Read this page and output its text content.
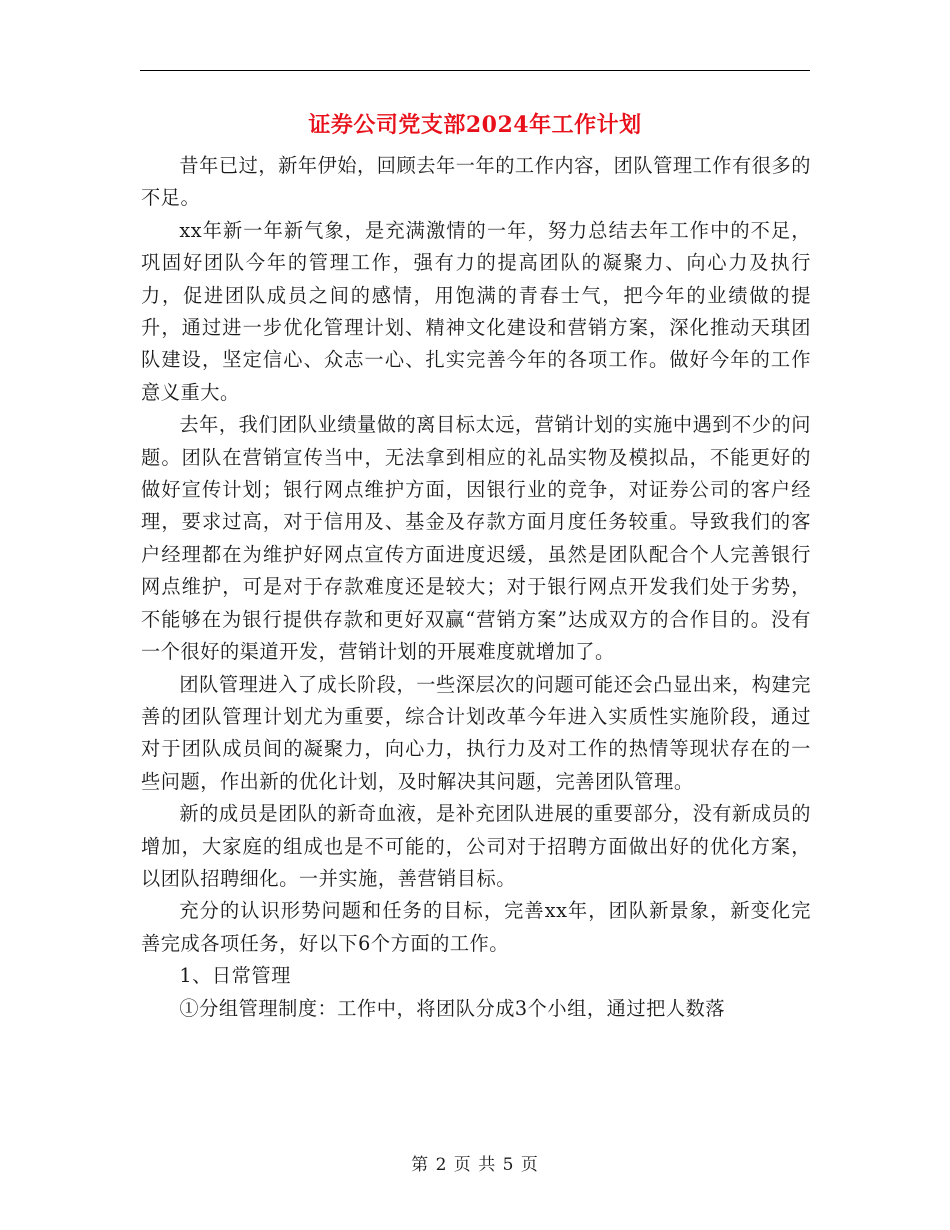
证券公司党支部2024年工作计划

昔年已过，新年伊始，回顾去年一年的工作内容，团队管理工作有很多的不足。

xx年新一年新气象，是充满激情的一年，努力总结去年工作中的不足，巩固好团队今年的管理工作，强有力的提高团队的凝聚力、向心力及执行力，促进团队成员之间的感情，用饱满的青春士气，把今年的业绩做的提升，通过进一步优化管理计划、精神文化建设和营销方案，深化推动天琪团队建设，坚定信心、众志一心、扎实完善今年的各项工作。做好今年的工作意义重大。

去年，我们团队业绩量做的离目标太远，营销计划的实施中遇到不少的问题。团队在营销宣传当中，无法拿到相应的礼品实物及模拟品，不能更好的做好宣传计划；银行网点维护方面，因银行业的竞争，对证券公司的客户经理，要求过高，对于信用及、基金及存款方面月度任务较重。导致我们的客户经理都在为维护好网点宣传方面进度迟缓，虽然是团队配合个人完善银行网点维护，可是对于存款难度还是较大；对于银行网点开发我们处于劣势，不能够在为银行提供存款和更好双赢“营销方案”达成双方的合作目的。没有一个很好的渠道开发，营销计划的开展难度就增加了。

团队管理进入了成长阶段，一些深层次的问题可能还会凸显出来，构建完善的团队管理计划尤为重要，综合计划改革今年进入实质性实施阶段，通过对于团队成员间的凝聚力，向心力，执行力及对工作的热情等现状存在的一些问题，作出新的优化计划，及时解决其问题，完善团队管理。

新的成员是团队的新奇血液，是补充团队进展的重要部分，没有新成员的增加，大家庭的组成也是不可能的，公司对于招聘方面做出好的优化方案，以团队招聘细化。一并实施，善营销目标。

充分的认识形势问题和任务的目标，完善xx年，团队新景象，新变化完善完成各项任务，好以下6个方面的工作。

1、日常管理

①分组管理制度：工作中，将团队分成3个小组，通过把人数落

第 2 页 共 5 页
